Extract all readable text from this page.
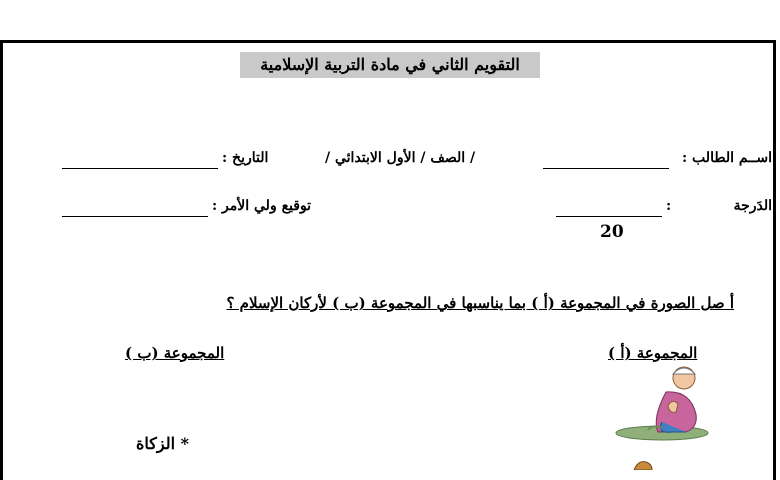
التقويم الثاني في مادة التربية الإسلامية
اســم الطالب :
/ الصف / الأول الابتدائي /
التاريخ :
الدَرجة
:
20
توقيع ولي الأمر :
أ صل الصورة في المجموعة (أ ) بما يناسبها في المجموعة (ب ) لأركان الإسلام ؟
المجموعة (أ )
المجموعة (ب )
* الزكاة
